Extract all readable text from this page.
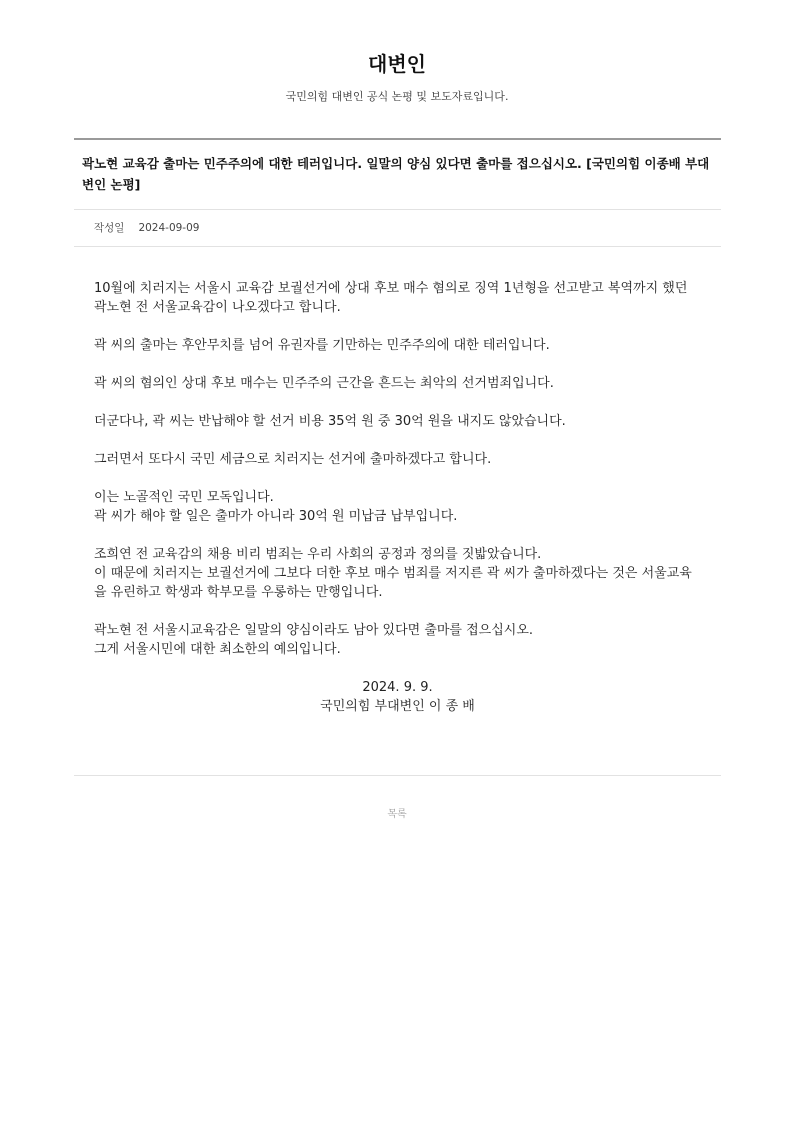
대변인
국민의힘 대변인 공식 논평 및 보도자료입니다.
곽노현 교육감 출마는 민주주의에 대한 테러입니다. 일말의 양심 있다면 출마를 접으십시오. [국민의힘 이종배 부대변인 논평]
작성일 2024-09-09

10월에 치러지는 서울시 교육감 보궐선거에 상대 후보 매수 혐의로 징역 1년형을 선고받고 복역까지 했던 곽노현 전 서울교육감이 나오겠다고 합니다.

곽 씨의 출마는 후안무치를 넘어 유권자를 기만하는 민주주의에 대한 테러입니다.

곽 씨의 혐의인 상대 후보 매수는 민주주의 근간을 흔드는 최악의 선거범죄입니다.

더군다나, 곽 씨는 반납해야 할 선거 비용 35억 원 중 30억 원을 내지도 않았습니다.

그러면서 또다시 국민 세금으로 치러지는 선거에 출마하겠다고 합니다.

이는 노골적인 국민 모독입니다.
곽 씨가 해야 할 일은 출마가 아니라 30억 원 미납금 납부입니다.

조희연 전 교육감의 채용 비리 범죄는 우리 사회의 공정과 정의를 짓밟았습니다.
이 때문에 치러지는 보궐선거에 그보다 더한 후보 매수 범죄를 저지른 곽 씨가 출마하겠다는 것은 서울교육을 유린하고 학생과 학부모를 우롱하는 만행입니다.

곽노현 전 서울시교육감은 일말의 양심이라도 남아 있다면 출마를 접으십시오.
그게 서울시민에 대한 최소한의 예의입니다.

2024. 9. 9.
국민의힘 부대변인 이 종 배
목록
